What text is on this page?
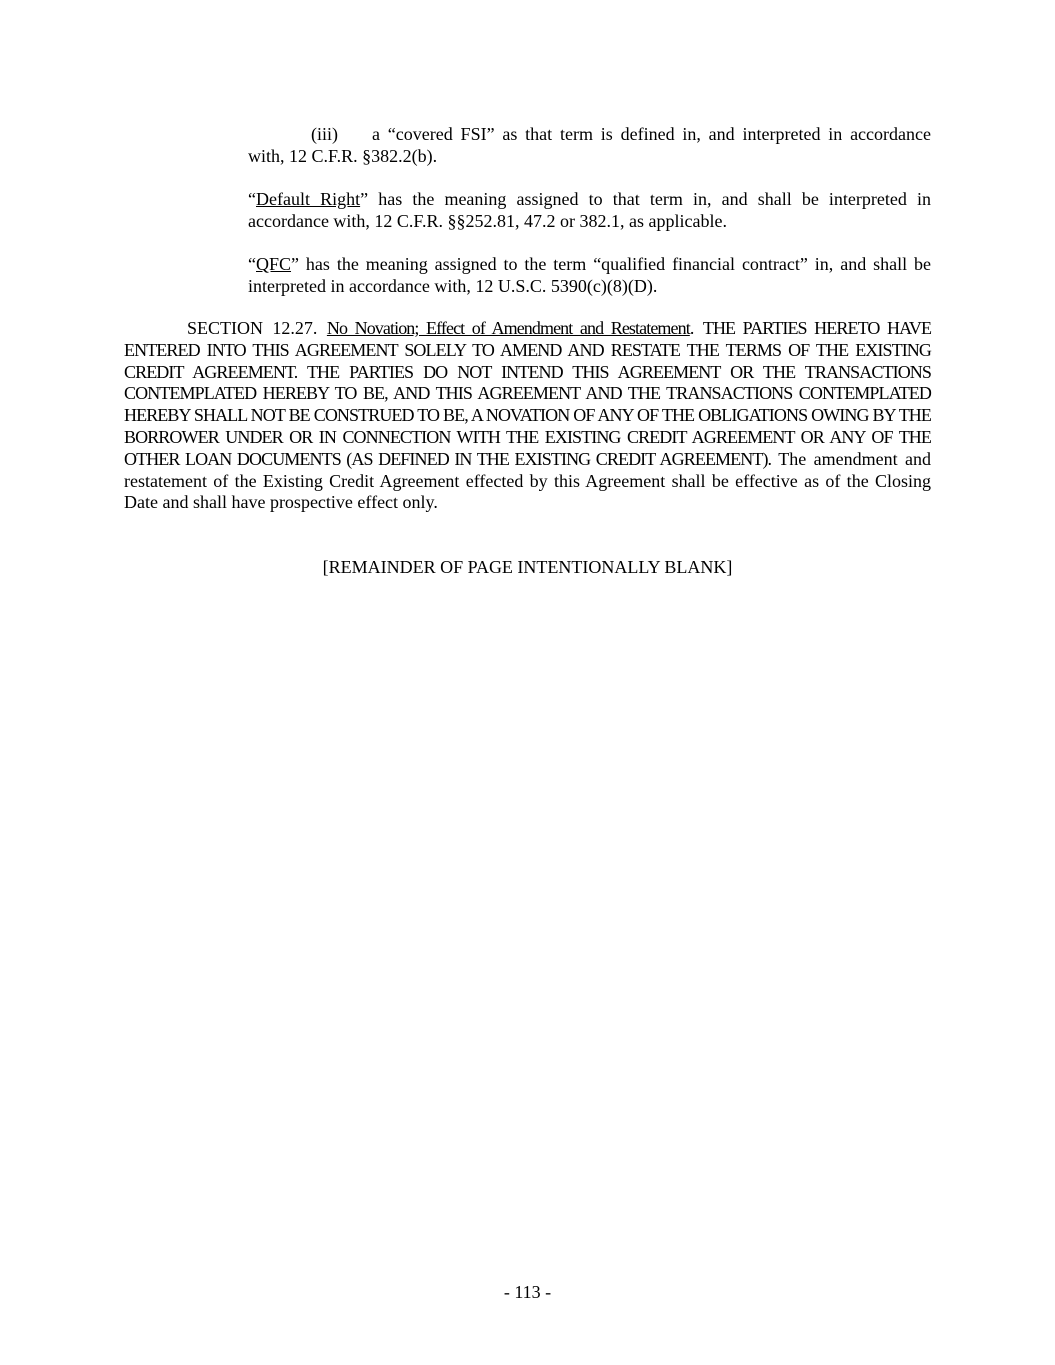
(iii) a “covered FSI” as that term is defined in, and interpreted in accordance with, 12 C.F.R. §382.2(b).
“Default Right” has the meaning assigned to that term in, and shall be interpreted in accordance with, 12 C.F.R. §§252.81, 47.2 or 382.1, as applicable.
“QFC” has the meaning assigned to the term “qualified financial contract” in, and shall be interpreted in accordance with, 12 U.S.C. 5390(c)(8)(D).
SECTION 12.27. No Novation; Effect of Amendment and Restatement. THE PARTIES HERETO HAVE ENTERED INTO THIS AGREEMENT SOLELY TO AMEND AND RESTATE THE TERMS OF THE EXISTING CREDIT AGREEMENT. THE PARTIES DO NOT INTEND THIS AGREEMENT OR THE TRANSACTIONS CONTEMPLATED HEREBY TO BE, AND THIS AGREEMENT AND THE TRANSACTIONS CONTEMPLATED HEREBY SHALL NOT BE CONSTRUED TO BE, A NOVATION OF ANY OF THE OBLIGATIONS OWING BY THE BORROWER UNDER OR IN CONNECTION WITH THE EXISTING CREDIT AGREEMENT OR ANY OF THE OTHER LOAN DOCUMENTS (AS DEFINED IN THE EXISTING CREDIT AGREEMENT). The amendment and restatement of the Existing Credit Agreement effected by this Agreement shall be effective as of the Closing Date and shall have prospective effect only.
[REMAINDER OF PAGE INTENTIONALLY BLANK]
- 113 -
